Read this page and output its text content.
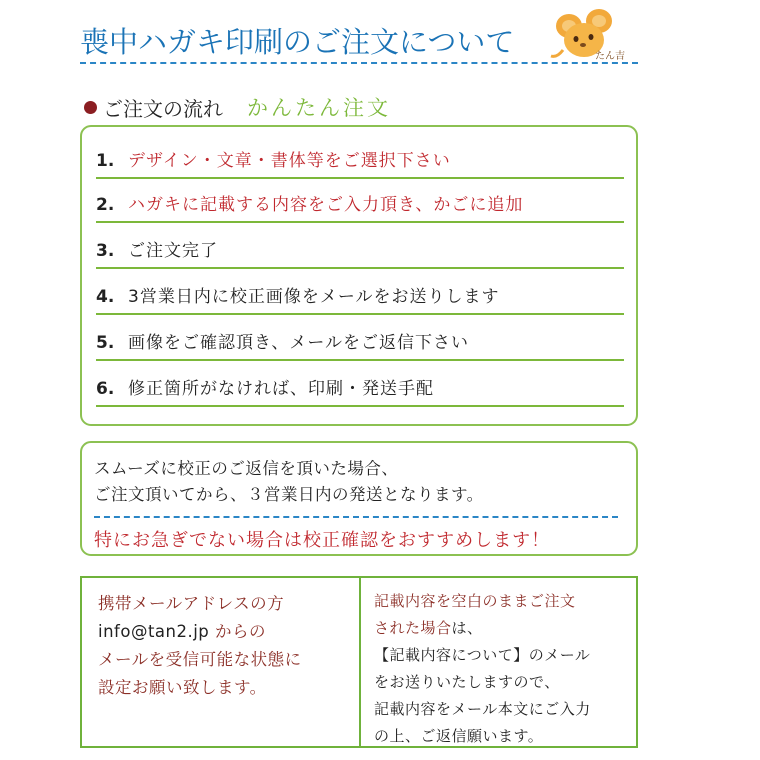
喪中ハガキ印刷のご注文について	たん吉
ご注文の流れ かんたん注文
1. デザイン・文章・書体等をご選択下さい
2. ハガキに記載する内容をご入力頂き、かごに追加
3. ご注文完了
4. 3営業日内に校正画像をメールをお送りします
5. 画像をご確認頂き、メールをご返信下さい
6. 修正箇所がなければ、印刷・発送手配
スムーズに校正のご返信を頂いた場合、
ご注文頂いてから、３営業日内の発送となります。
特にお急ぎでない場合は校正確認をおすすめします！
携帯メールアドレスの方
info@tan2.jp からの
メールを受信可能な状態に
設定お願い致します。
記載内容を空白のままご注文
された場合は、
【記載内容について】のメール
をお送りいたしますので、
記載内容をメール本文にご入力
の上、ご返信願います。
